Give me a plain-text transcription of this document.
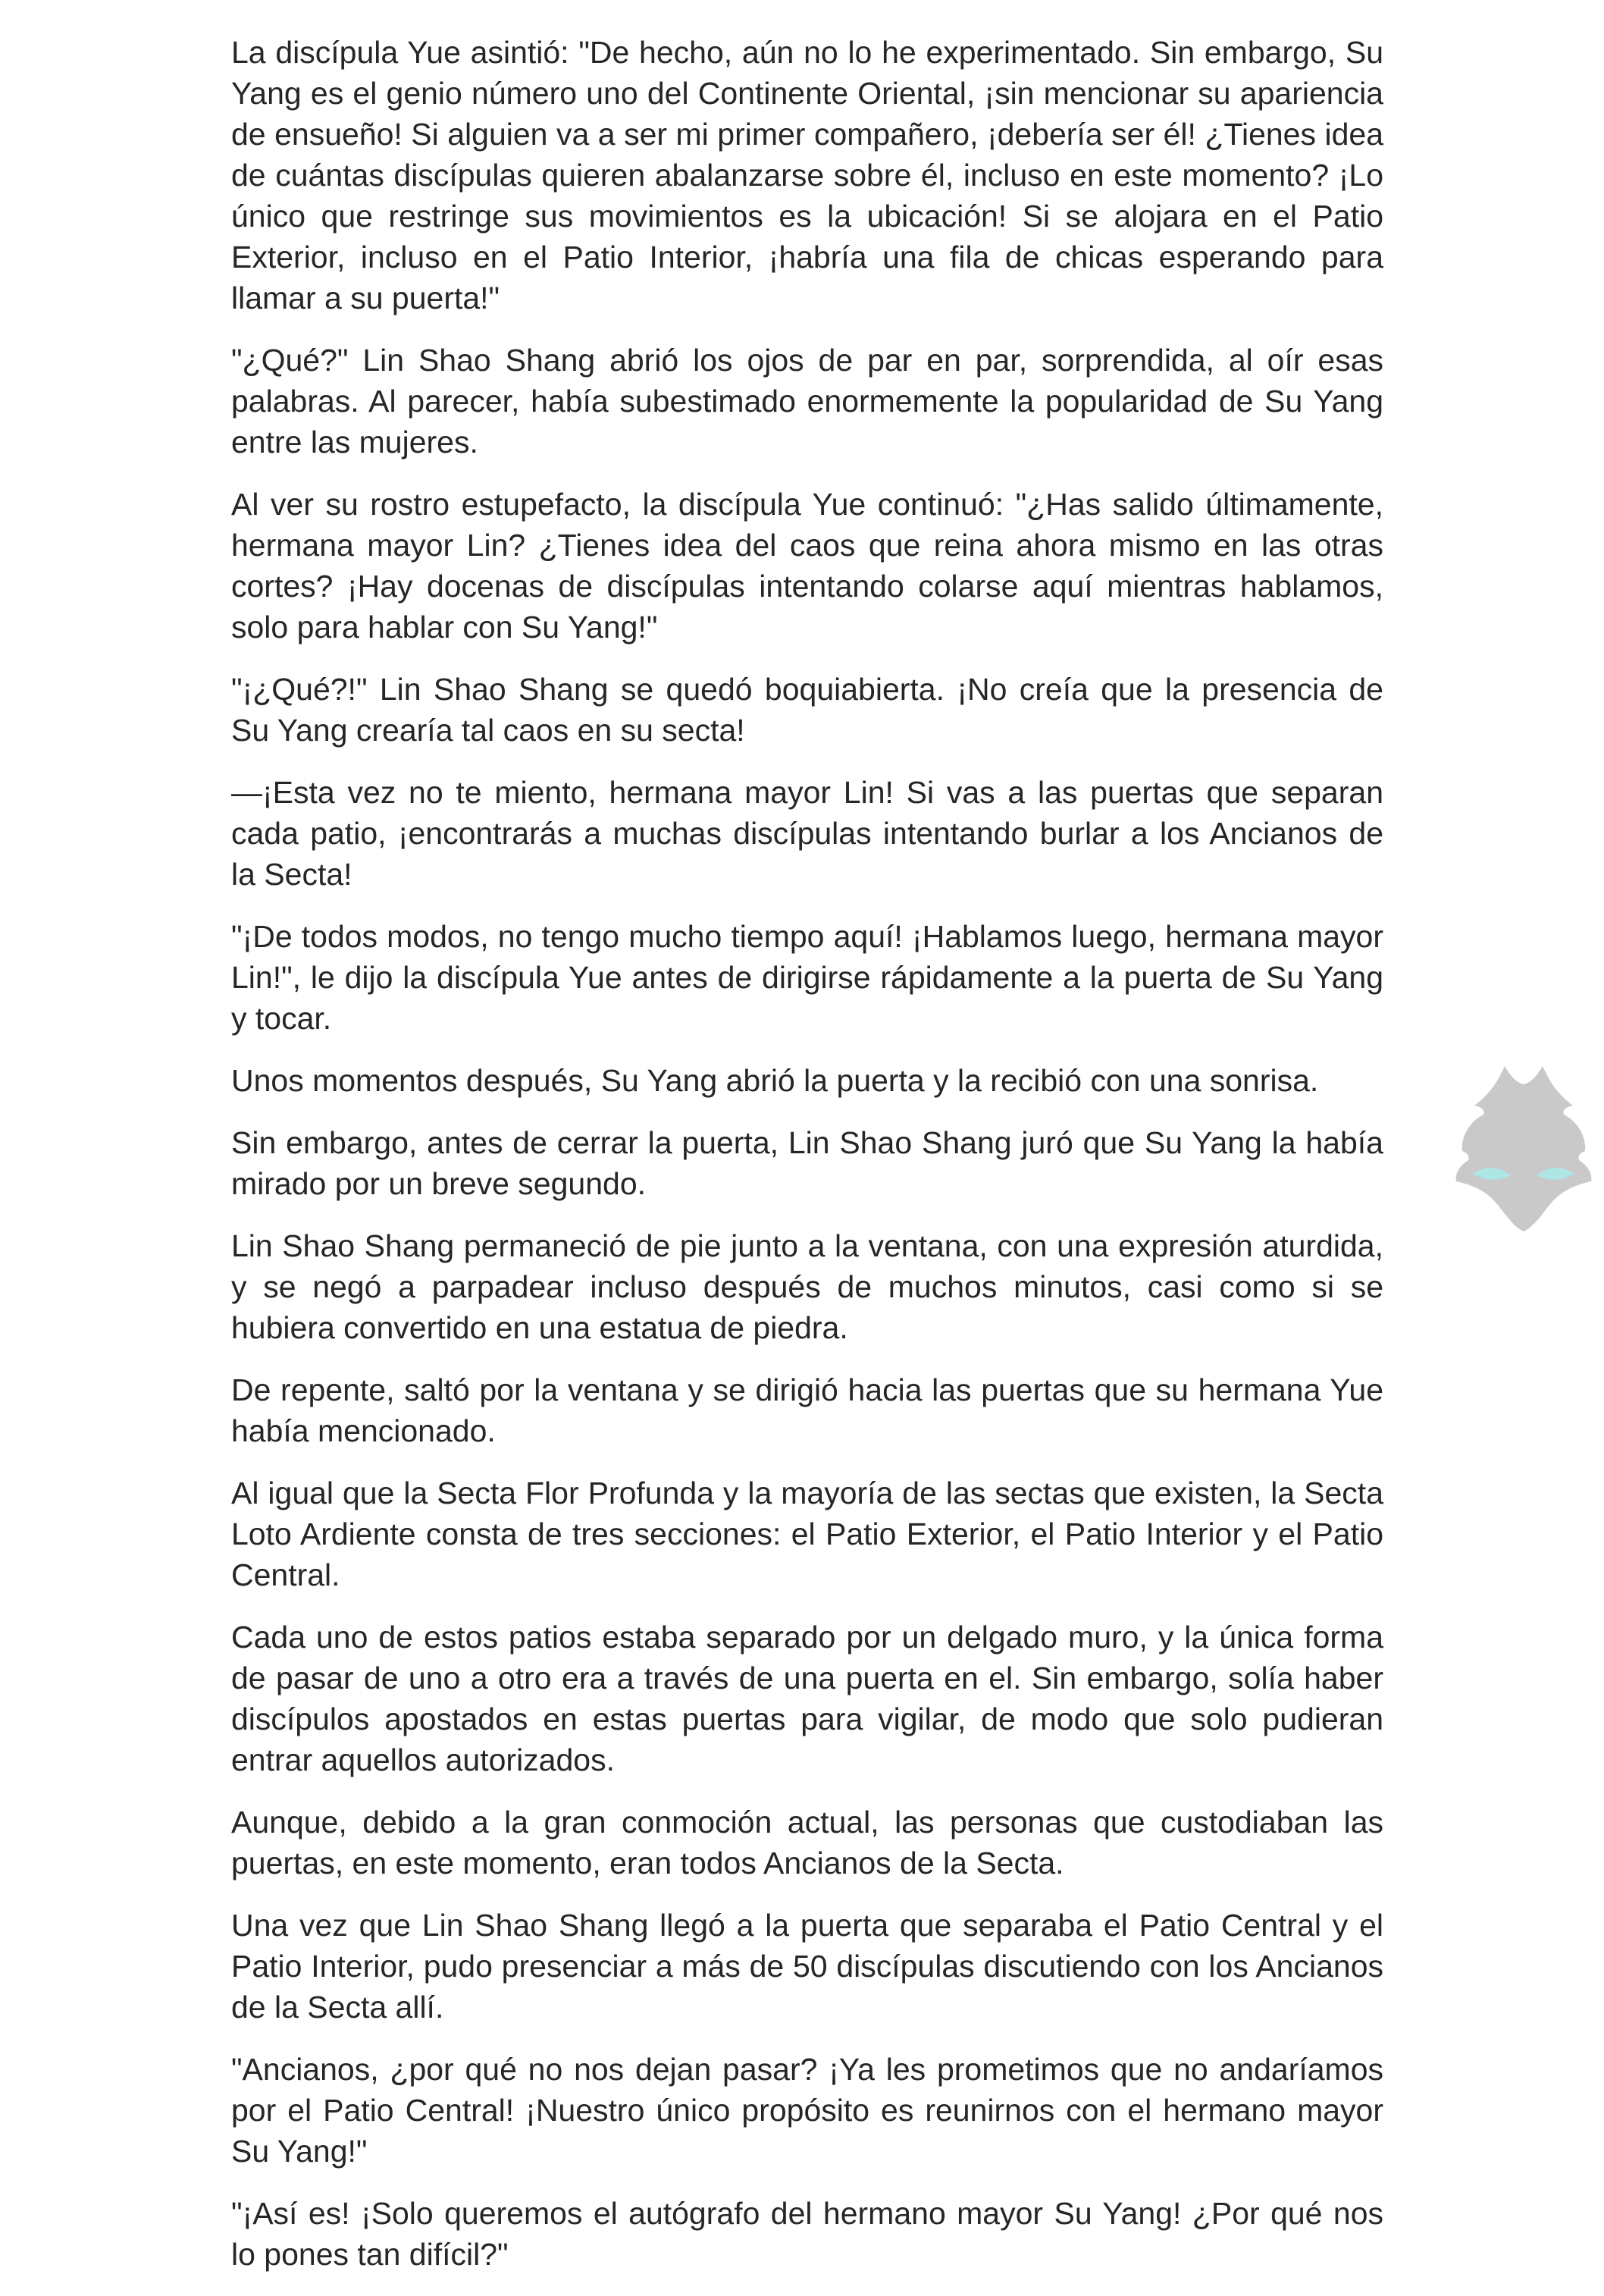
La discípula Yue asintió: "De hecho, aún no lo he experimentado. Sin embargo, Su Yang es el genio número uno del Continente Oriental, ¡sin mencionar su apariencia de ensueño! Si alguien va a ser mi primer compañero, ¡debería ser él! ¿Tienes idea de cuántas discípulas quieren abalanzarse sobre él, incluso en este momento? ¡Lo único que restringe sus movimientos es la ubicación! Si se alojara en el Patio Exterior, incluso en el Patio Interior, ¡habría una fila de chicas esperando para llamar a su puerta!"

"¿Qué?" Lin Shao Shang abrió los ojos de par en par, sorprendida, al oír esas palabras. Al parecer, había subestimado enormemente la popularidad de Su Yang entre las mujeres.

Al ver su rostro estupefacto, la discípula Yue continuó: "¿Has salido últimamente, hermana mayor Lin? ¿Tienes idea del caos que reina ahora mismo en las otras cortes? ¡Hay docenas de discípulas intentando colarse aquí mientras hablamos, solo para hablar con Su Yang!"

"¡¿Qué?!" Lin Shao Shang se quedó boquiabierta. ¡No creía que la presencia de Su Yang crearía tal caos en su secta!

—¡Esta vez no te miento, hermana mayor Lin! Si vas a las puertas que separan cada patio, ¡encontrarás a muchas discípulas intentando burlar a los Ancianos de la Secta!

"¡De todos modos, no tengo mucho tiempo aquí! ¡Hablamos luego, hermana mayor Lin!", le dijo la discípula Yue antes de dirigirse rápidamente a la puerta de Su Yang y tocar.

Unos momentos después, Su Yang abrió la puerta y la recibió con una sonrisa.

Sin embargo, antes de cerrar la puerta, Lin Shao Shang juró que Su Yang la había mirado por un breve segundo.

Lin Shao Shang permaneció de pie junto a la ventana, con una expresión aturdida, y se negó a parpadear incluso después de muchos minutos, casi como si se hubiera convertido en una estatua de piedra.

De repente, saltó por la ventana y se dirigió hacia las puertas que su hermana Yue había mencionado.

Al igual que la Secta Flor Profunda y la mayoría de las sectas que existen, la Secta Loto Ardiente consta de tres secciones: el Patio Exterior, el Patio Interior y el Patio Central.

Cada uno de estos patios estaba separado por un delgado muro, y la única forma de pasar de uno a otro era a través de una puerta en el. Sin embargo, solía haber discípulos apostados en estas puertas para vigilar, de modo que solo pudieran entrar aquellos autorizados.

Aunque, debido a la gran conmoción actual, las personas que custodiaban las puertas, en este momento, eran todos Ancianos de la Secta.

Una vez que Lin Shao Shang llegó a la puerta que separaba el Patio Central y el Patio Interior, pudo presenciar a más de 50 discípulas discutiendo con los Ancianos de la Secta allí.

"Ancianos, ¿por qué no nos dejan pasar? ¡Ya les prometimos que no andaríamos por el Patio Central! ¡Nuestro único propósito es reunirnos con el hermano mayor Su Yang!"

"¡Así es! ¡Solo queremos el autógrafo del hermano mayor Su Yang! ¿Por qué nos lo pones tan difícil?"
